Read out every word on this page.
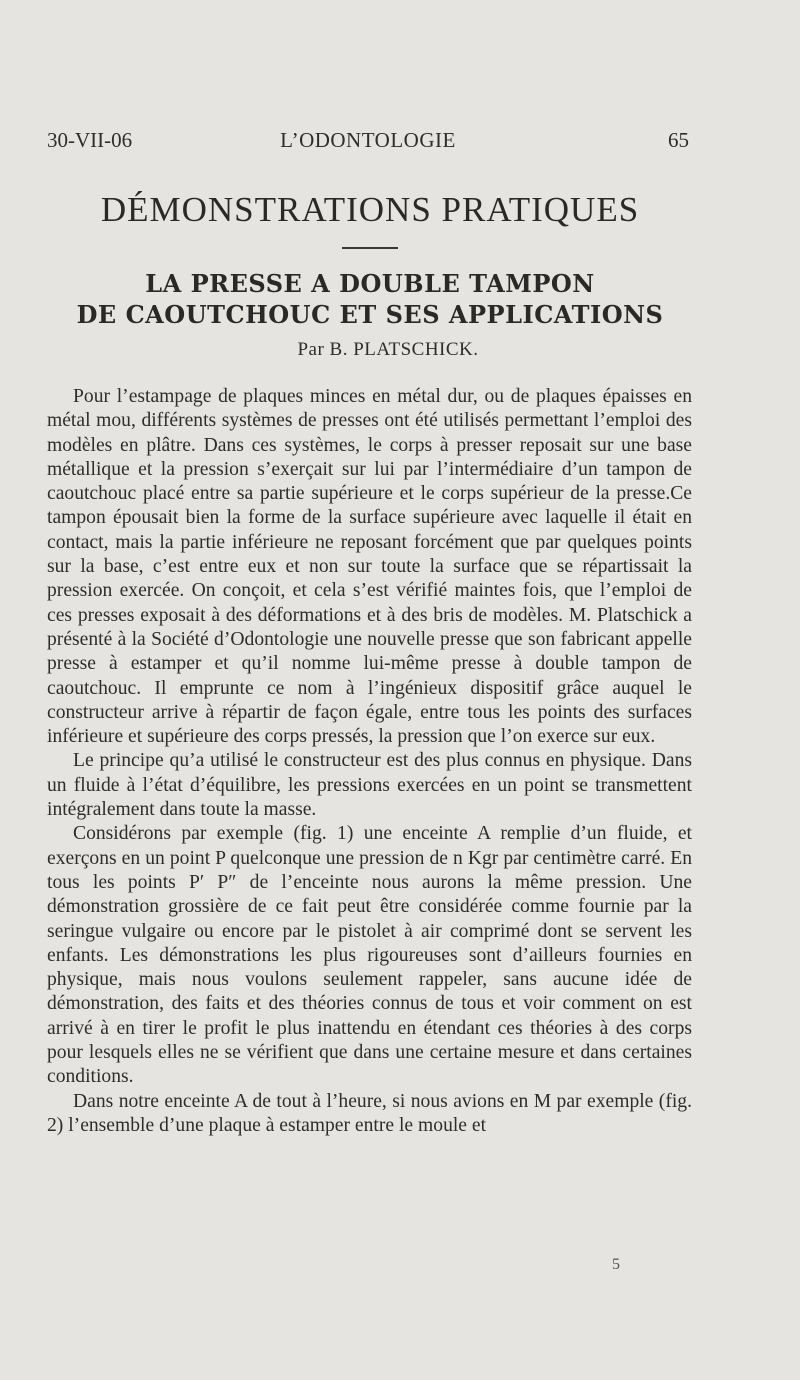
30-VII-06	L’ODONTOLOGIE	65
DÉMONSTRATIONS PRATIQUES
LA PRESSE A DOUBLE TAMPON
DE CAOUTCHOUC ET SES APPLICATIONS
Par B. PLATSCHICK.

Pour l’estampage de plaques minces en métal dur, ou de plaques épaisses en métal mou, différents systèmes de presses ont été utilisés permettant l’emploi des modèles en plâtre. Dans ces systèmes, le corps à presser reposait sur une base métallique et la pression s’exerçait sur lui par l’intermédiaire d’un tampon de caoutchouc placé entre sa partie supérieure et le corps supérieur de la presse.Ce tampon épousait bien la forme de la surface supérieure avec laquelle il était en contact, mais la partie inférieure ne reposant forcément que par quelques points sur la base, c’est entre eux et non sur toute la surface que se répartissait la pression exercée. On conçoit, et cela s’est vérifié maintes fois, que l’emploi de ces presses exposait à des déformations et à des bris de modèles. M. Platschick a présenté à la Société d’Odontologie une nouvelle presse que son fabricant appelle presse à estamper et qu’il nomme lui-même presse à double tampon de caoutchouc. Il emprunte ce nom à l’ingénieux dispositif grâce auquel le constructeur arrive à répartir de façon égale, entre tous les points des surfaces inférieure et supérieure des corps pressés, la pression que l’on exerce sur eux.

Le principe qu’a utilisé le constructeur est des plus connus en physique. Dans un fluide à l’état d’équilibre, les pressions exercées en un point se transmettent intégralement dans toute la masse.

Considérons par exemple (fig. 1) une enceinte A remplie d’un fluide, et exerçons en un point P quelconque une pression de n Kgr par centimètre carré. En tous les points P′ P″ de l’enceinte nous aurons la même pression. Une démonstration grossière de ce fait peut être considérée comme fournie par la seringue vulgaire ou encore par le pistolet à air comprimé dont se servent les enfants. Les démonstrations les plus rigoureuses sont d’ailleurs fournies en physique, mais nous voulons seulement rappeler, sans aucune idée de démonstration, des faits et des théories connus de tous et voir comment on est arrivé à en tirer le profit le plus inattendu en étendant ces théories à des corps pour lesquels elles ne se vérifient que dans une certaine mesure et dans certaines conditions.

Dans notre enceinte A de tout à l’heure, si nous avions en M par exemple (fig. 2) l’ensemble d’une plaque à estamper entre le moule et

5
